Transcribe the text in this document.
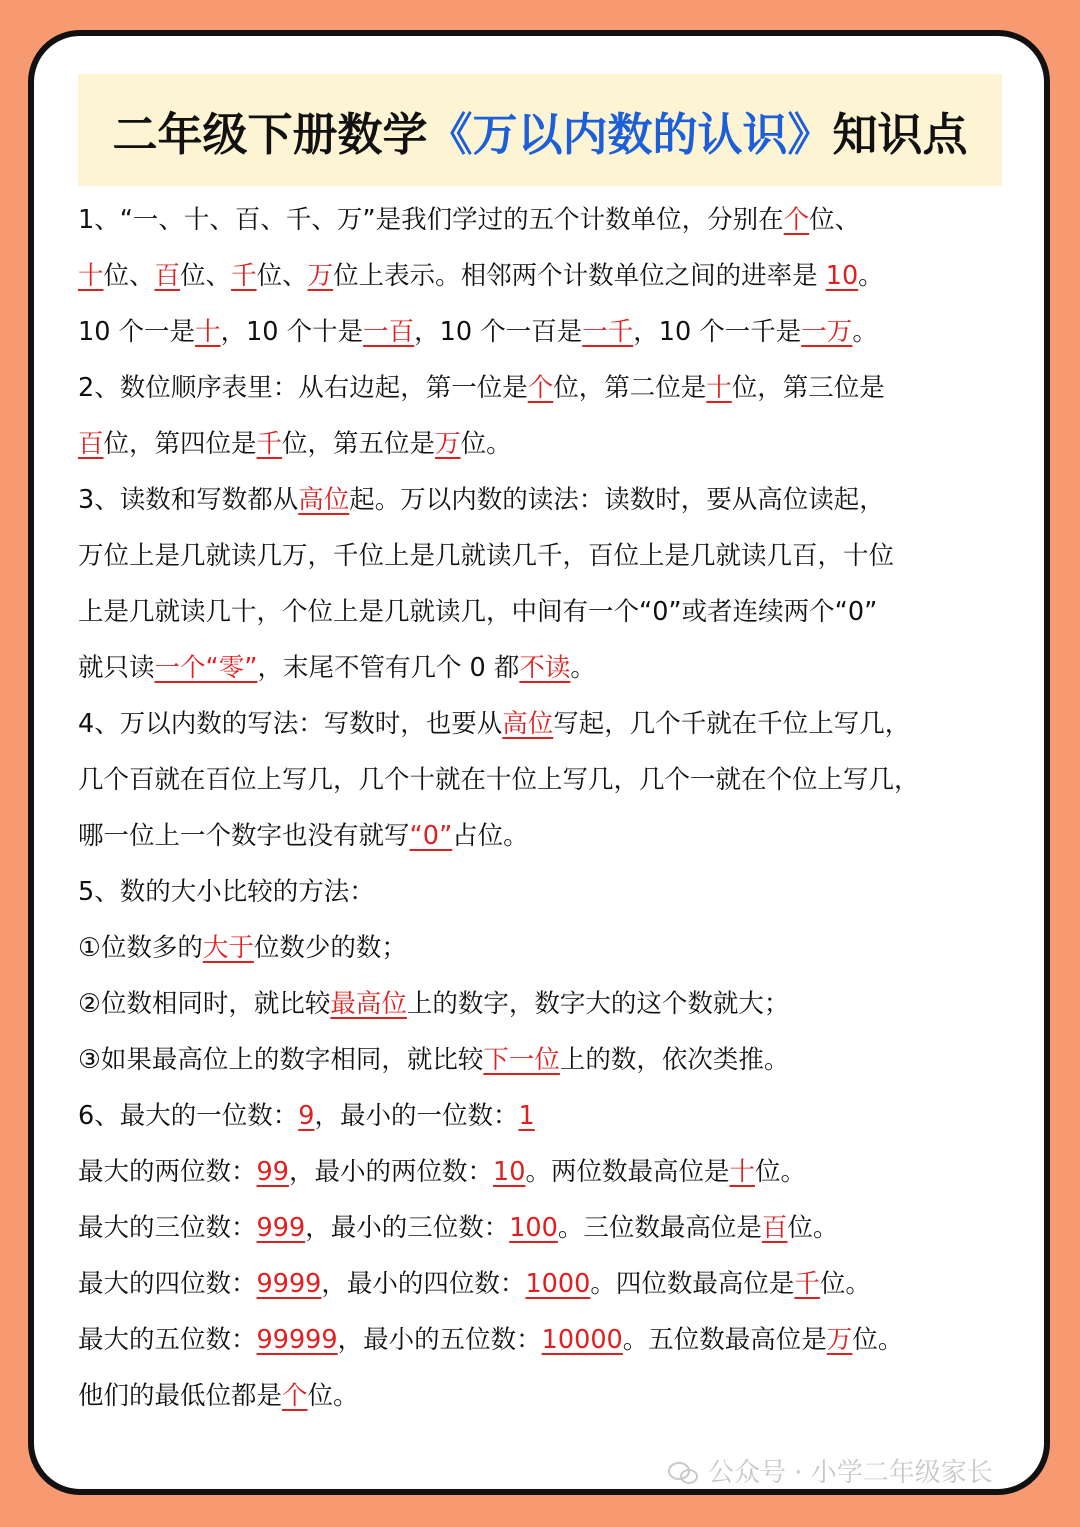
二年级下册数学 《万以内数的认识》 知识点
1、“一、十、百、千、万”是我们学过的五个计数单位，分别在个位、
十位、百位、千位、万位上表示。相邻两个计数单位之间的进率是 10。
10 个一是十，10 个十是一百，10 个一百是一千，10 个一千是一万。
2、数位顺序表里：从右边起，第一位是个位，第二位是十位，第三位是
百位，第四位是千位，第五位是万位。
3、读数和写数都从高位起。万以内数的读法：读数时，要从高位读起，
万位上是几就读几万，千位上是几就读几千，百位上是几就读几百，十位
上是几就读几十，个位上是几就读几，中间有一个“0”或者连续两个“0”
就只读一个“零”，末尾不管有几个 0 都不读。
4、万以内数的写法：写数时，也要从高位写起，几个千就在千位上写几，
几个百就在百位上写几，几个十就在十位上写几，几个一就在个位上写几，
哪一位上一个数字也没有就写“0”占位。
5、数的大小比较的方法：
①位数多的大于位数少的数；
②位数相同时，就比较最高位上的数字，数字大的这个数就大；
③如果最高位上的数字相同，就比较下一位上的数，依次类推。
6、最大的一位数：9，最小的一位数：1
最大的两位数：99，最小的两位数：10。两位数最高位是十位。
最大的三位数：999，最小的三位数：100。三位数最高位是百位。
最大的四位数：9999，最小的四位数：1000。四位数最高位是千位。
最大的五位数：99999，最小的五位数：10000。五位数最高位是万位。
他们的最低位都是个位。
公众号 · 小学二年级家长
